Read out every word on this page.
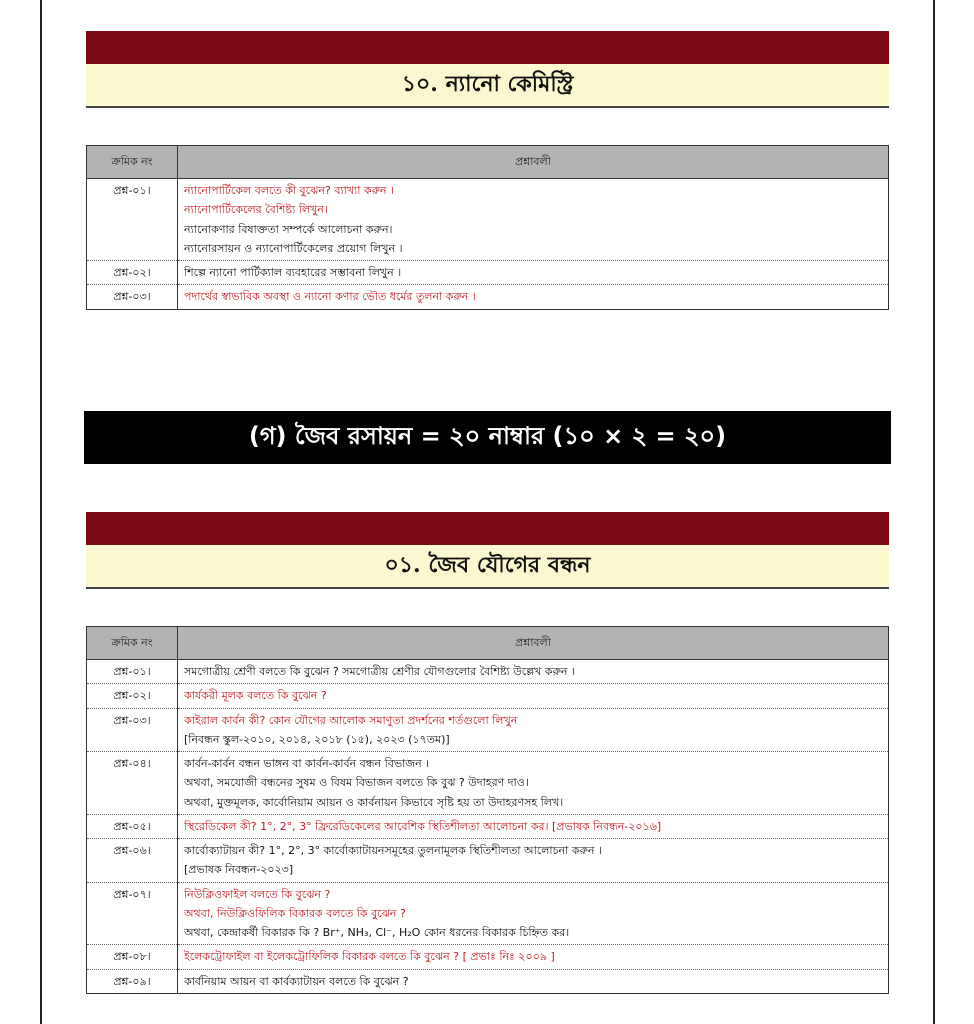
১০. ন্যানো কেমিস্ট্রি
ক্রমিক নং	প্রশ্নাবলী
প্রশ্ন-০১।	ন্যানোপার্টিকেল বলতে কী বুঝেন? ব্যাখ্যা করুন ।
ন্যানোপার্টিকেলের বৈশিষ্ট্য লিখুন।
ন্যানোকণার বিষাক্ততা সম্পর্কে আলোচনা করুন।
ন্যানোরসায়ন ও ন্যানোপার্টিকেলের প্রয়োগ লিখুন ।

প্রশ্ন-০২।	শিল্পে ন্যানো পার্টিক্যাল ব্যবহারের সম্ভাবনা লিখুন ।

প্রশ্ন-০৩।	পদার্থের স্বাভাবিক অবস্থা ও ন্যানো কণার ভৌত ধর্মের তুলনা করুন ।
(গ) জৈব রসায়ন = ২০ নাম্বার (১০ × ২ = ২০)
০১. জৈব যৌগের বন্ধন
ক্রমিক নং	প্রশ্নাবলী
প্রশ্ন-০১।	সমগোত্রীয় শ্রেণী বলতে কি বুঝেন ? সমগোত্রীয় শ্রেণীর যৌগগুলোর বৈশিষ্ট্য উল্লেখ করুন ।

প্রশ্ন-০২।	কার্যকরী মূলক বলতে কি বুঝেন ?

প্রশ্ন-০৩।	কাইরাল কার্বন কী? কোন যৌগের আলোক সমাণুতা প্রদর্শনের শর্তগুলো লিখুন
[নিবন্ধন স্কুল-২০১০, ২০১৪, ২০১৮ (১৫), ২০২৩ (১৭তম)]

প্রশ্ন-০৪।	কার্বন-কার্বন বন্ধন ভাঙ্গন বা কার্বন-কার্বন বন্ধন বিভাজন ।
অথবা, সমযোজী বন্ধনের সুষম ও বিষম বিভাজন বলতে কি বুঝ ? উদাহরণ দাও।
অথবা, মুক্তমূলক, কার্বোনিয়াম আয়ন ও কার্বনায়ন কিভাবে সৃষ্টি হয় তা উদাহরণসহ লিখ।

প্রশ্ন-০৫।	স্থিরেডিকেল কী? 1°, 2°, 3° ফ্রিরেডিকেলের আবেশিক স্থিতিশীলতা আলোচনা কর। [প্রভাষক নিবন্ধন-২০১৬]

প্রশ্ন-০৬।	কার্বোক্যাটায়ন কী? 1°, 2°, 3° কার্বোক্যাটায়নসমূহের তুলনামূলক স্থিতিশীলতা আলোচনা করুন ।
[প্রভাষক নিবন্ধন-২০২৩]

প্রশ্ন-০৭।	নিউক্লিওফাইল বলতে কি বুঝেন ?
অথবা, নিউক্লিওফিলিক বিকারক বলতে কি বুঝেন ?
অথবা, কেন্দ্রাকর্ষী বিকারক কি ? Br⁺, NH₃, Cl⁻, H₂O কোন ধরনের বিকারক চিহ্নিত কর।

প্রশ্ন-০৮।	ইলেকট্রোফাইল বা ইলেকট্রোফিলিক বিকারক বলতে কি বুঝেন ? [ প্রভাঃ নিঃ ২০০৯ ]

প্রশ্ন-০৯।	কার্বনিয়াম আয়ন বা কার্বক্যাটায়ন বলতে কি বুঝেন ?
